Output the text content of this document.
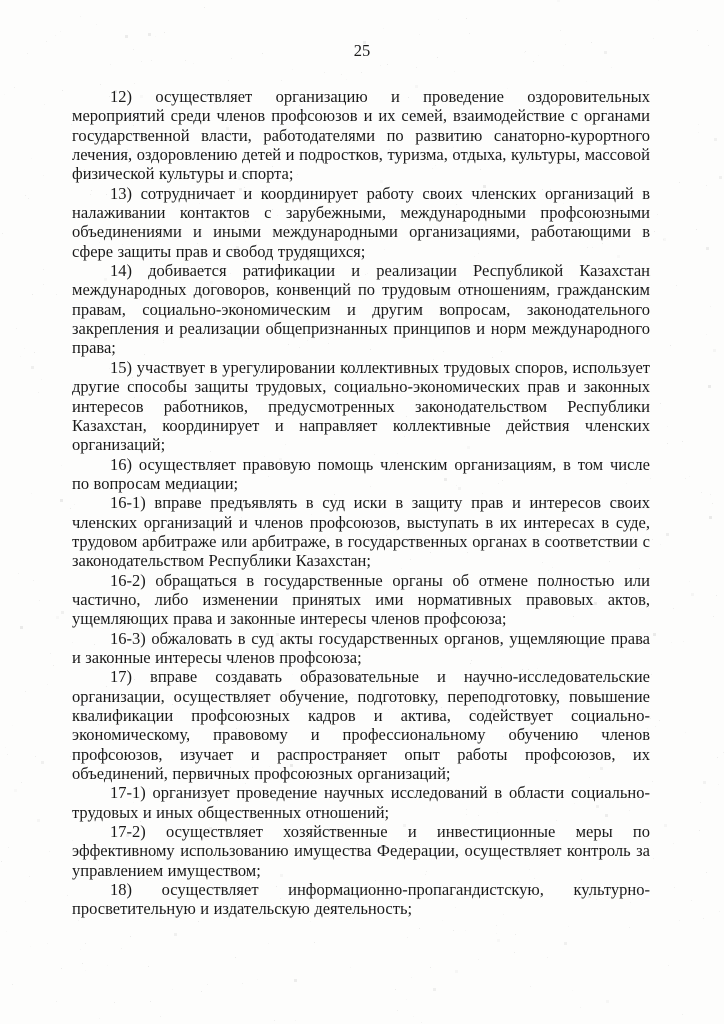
25

12) осуществляет организацию и проведение оздоровительных мероприятий среди членов профсоюзов и их семей, взаимодействие с органами государственной власти, работодателями по развитию санаторно-курортного лечения, оздоровлению детей и подростков, туризма, отдыха, культуры, массовой физической культуры и спорта;

13) сотрудничает и координирует работу своих членских организаций в налаживании контактов с зарубежными, международными профсоюзными объединениями и иными международными организациями, работающими в сфере защиты прав и свобод трудящихся;

14) добивается ратификации и реализации Республикой Казахстан международных договоров, конвенций по трудовым отношениям, гражданским правам, социально-экономическим и другим вопросам, законодательного закрепления и реализации общепризнанных принципов и норм международного права;

15) участвует в урегулировании коллективных трудовых споров, использует другие способы защиты трудовых, социально-экономических прав и законных интересов работников, предусмотренных законодательством Республики Казахстан, координирует и направляет коллективные действия членских организаций;

16) осуществляет правовую помощь членским организациям, в том числе по вопросам медиации;

16-1) вправе предъявлять в суд иски в защиту прав и интересов своих членских организаций и членов профсоюзов, выступать в их интересах в суде, трудовом арбитраже или арбитраже, в государственных органах в соответствии с законодательством Республики Казахстан;

16-2) обращаться в государственные органы об отмене полностью или частично, либо изменении принятых ими нормативных правовых актов, ущемляющих права и законные интересы членов профсоюза;

16-3) обжаловать в суд акты государственных органов, ущемляющие права и законные интересы членов профсоюза;

17) вправе создавать образовательные и научно-исследовательские организации, осуществляет обучение, подготовку, переподготовку, повышение квалификации профсоюзных кадров и актива, содействует социально-экономическому, правовому и профессиональному обучению членов профсоюзов, изучает и распространяет опыт работы профсоюзов, их объединений, первичных профсоюзных организаций;

17-1) организует проведение научных исследований в области социально-трудовых и иных общественных отношений;

17-2) осуществляет хозяйственные и инвестиционные меры по эффективному использованию имущества Федерации, осуществляет контроль за управлением имуществом;

18) осуществляет информационно-пропагандистскую, культурно-просветительную и издательскую деятельность;
